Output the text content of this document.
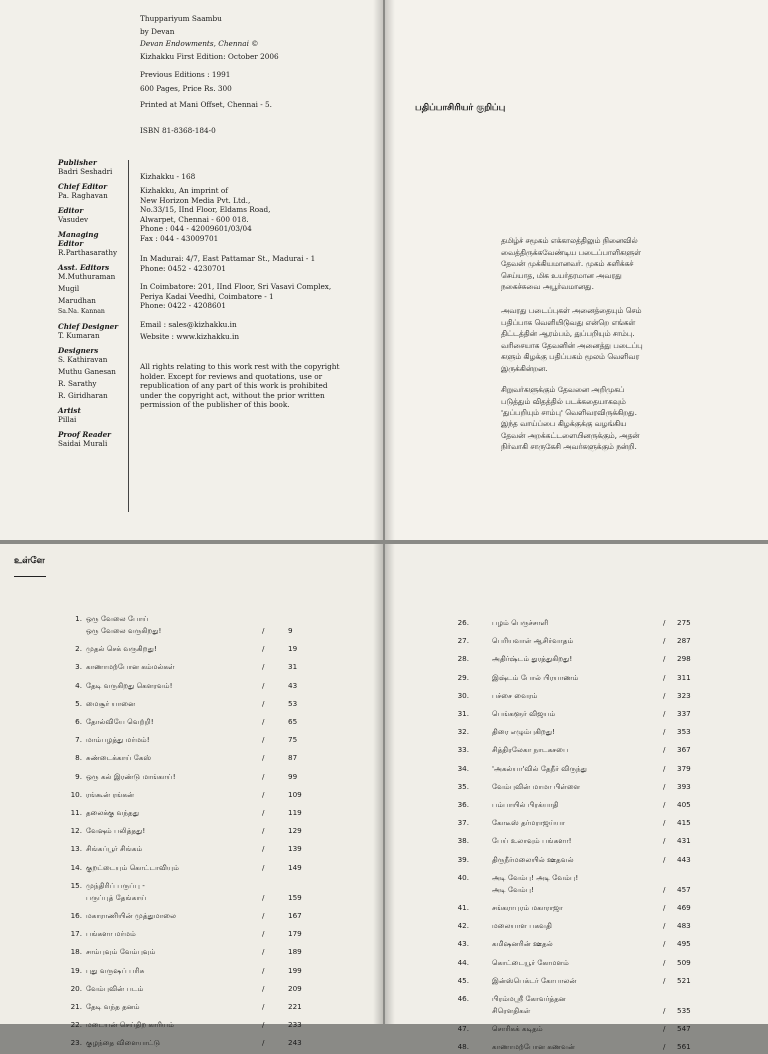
Thuppariyum Saambu
by Devan
Devan Endowments, Chennai ©
Kizhakku First Edition: October 2006
Previous Editions : 1991
600 Pages, Price Rs. 300
Printed at Mani Offset, Chennai - 5.
ISBN 81-8368-184-0
Publisher
Badri Seshadri
Chief Editor
Pa. Raghavan
Editor
Vasudev
Managing Editor
R.Parthasarathy
Asst. Editors
M.Muthuraman
Mugil
Marudhan
Sa.Na. Kannan
Chief Designer
T. Kumaran
Designers
S. Kathiravan
Muthu Ganesan
R. Sarathy
R. Giridharan
Artist
Pillai
Proof Reader
Saidai Murali
Kizhakku - 168
Kizhakku, An imprint of
New Horizon Media Pvt. Ltd.,
No.33/15, IInd Floor, Eldams Road,
Alwarpet, Chennai - 600 018.
Phone : 044 - 42009601/03/04
Fax : 044 - 43009701
In Madurai: 4/7, East Pattamar St., Madurai - 1
Phone: 0452 - 4230701
In Coimbatore: 201, IInd Floor, Sri Vasavi Complex,
Periya Kadai Veedhi, Coimbatore - 1
Phone: 0422 - 4208601
Email : sales@kizhakku.in
Website : www.kizhakku.in
All rights relating to this work rest with the copyright
holder. Except for reviews and quotations, use or
republication of any part of this work is prohibited
under the copyright act, without the prior written
permission of the publisher of this book.
பதிப்பாசிரியர் குறிப்பு
தமிழ்ச் சமூகம் எக்காலத்திலும் நினைவில்
வைத்திருக்கவேண்டிய படைப்பாளிகளுள்
தேவன் முக்கியமானவர். முகம் சுளிக்கச்
செய்யாத, மிக உயர்தரமான அவரது
நகைச்சுவை அபூர்வமானது.
அவரது படைப்புகள் அனைத்தையும் செம்
பதிப்பாக வெளியிடுவது என்றெ எங்கள்
திட்டத்தின் ஆரம்பம், துப்பறியும் சாம்பு.
வரிசையாக தேவனின் அனைத்து படைப்பு
களும் கிழக்கு பதிப்பகம் மூலம் வெளிவர
இருக்கின்றன.
சிறுவர்களுக்கும் தேவனை அறிமுகப்
படுத்தும் விதத்தில் படக்கதையாகவும்
'துப்பறியும் சாம்பு' வெளிவரவிருக்கிறது.
இந்த வாய்ப்பை கிழக்குக்கு வழங்கிய
தேவன் அறக்கட்டளையினருக்கும், அதன்
நிர்வாகி சாருகேசி அவர்களுக்கும் நன்றி.
உள்ளே
1. ஒரு வேலை போய்
ஒரு வேலை வருகிறது!	/	9
2. முதல் செக் வருகிறது!	/	19
3. காணாமற்போன கம்மல்கள்	/	31
4. தேடி வருகிறது கௌரவம்!	/	43
5. மைசூர் யானை	/	53
6. தோல்வியே வெற்றி!	/	65
7. மாம்பழத்து மர்மம்!	/	75
8. சுண்டைக்காய் கேஸ்	/	87
9. ஒரு கல் இரண்டு மாங்காய்!	/	99
10. ரங்கூன் ரங்கன்	/	109
11. தலைக்கு வந்தது	/	119
12. வேஷம் பலித்தது!	/	129
13. சிங்கப்பூர் சிங்கம்	/	139
14. குறட்டையும் கொட்டாவியும்	/	149
15. முந்திரிப் பருப்பு -
பருப்புத் தேங்காய்	/	159
16. மகாராணியின் முத்துமாலை	/	167
17. பங்களா மர்மம்	/	179
18. சாம்புவும் வேம்புவும்	/	189
19. புது வருஷப் பரிசு	/	199
20. வேம்புவின் படம்	/	209
21. தேடி வந்த தனம்	/	221
22. மடையன் செய்திற காரியம்	/	233
23. குழந்தை விளையாட்டு	/	243
26.	பழம் பெருச்சாளி	/ 275
27.	பெரியவாள் ஆசிர்வாதம்	/ 287
28.	அதிர்ஷ்டம் துரத்துகிறது!	/ 298
29.	இஷ்டம் போல் பிரயாணம்	/ 311
30.	பச்சை வைரம்	/ 323
31.	பெங்களூர் விஜயம்	/ 337
32.	திரை எழும்புகிறது!	/ 353
33.	சித்திரலேகா நாடகசபை	/ 367
34.	'அகல்யா'வில் தேநீர் விருந்து	/ 379
35.	வேம்புவின் மாமா பிள்ளை	/ 393
36.	பம்பாயில் பிரக்யாதி	/ 405
37.	கோடீஸ் தர்மராஜய்யா	/ 415
38.	பேய் உலாவும் பங்களா!	/ 431
39.	திருநீர்மலையில் ஊதவல்	/ 443
40.	அடி வேம்பு! அடி வேம்பு!
அடி வேம்பு!	/ 457
41.	சங்கராபுரம் மகாராஜா	/ 469
42.	மலையாள பகவதி	/ 483
43.	கமிஷனரின் ஊதல்	/ 495
44.	கொட்டையூர் கோமளம்	/ 509
45.	இன்ஸ்பெக்டர் கோபாலன்	/ 521
46.	பிரம்மஸ்ரீ கோவர்த்தன
சிரௌதிகள்	/ 535
47.	சொரிகக் கடிதம்	/ 547
48.	காணாமற்போன கணவன்	/ 561
